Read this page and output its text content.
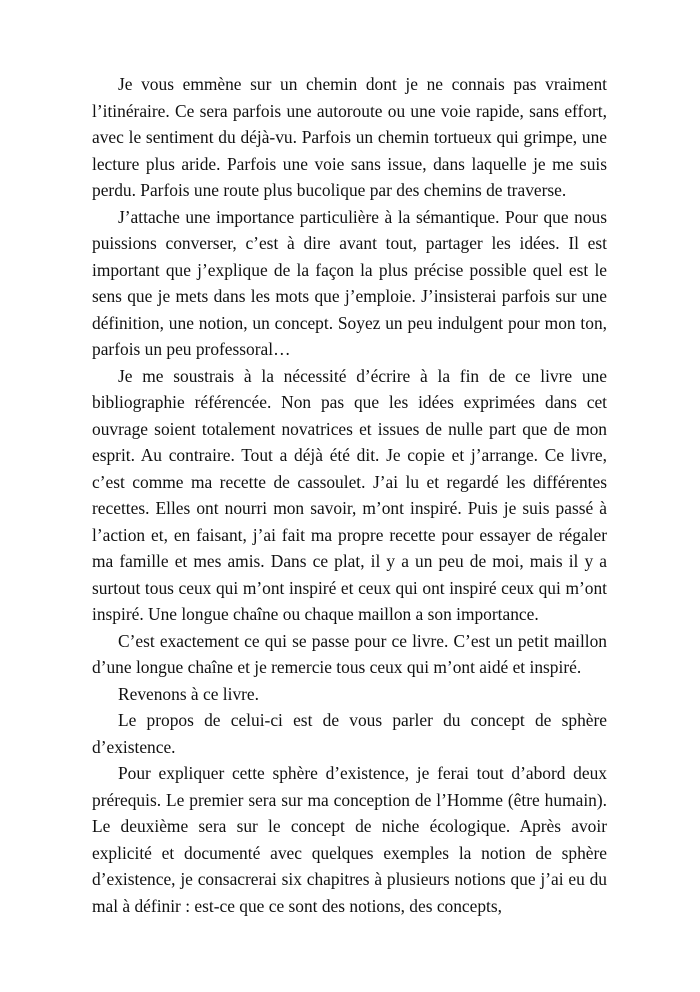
Je vous emmène sur un chemin dont je ne connais pas vraiment l’itinéraire. Ce sera parfois une autoroute ou une voie rapide, sans effort, avec le sentiment du déjà-vu. Parfois un chemin tortueux qui grimpe, une lecture plus aride. Parfois une voie sans issue, dans laquelle je me suis perdu. Parfois une route plus bucolique par des chemins de traverse.

J’attache une importance particulière à la sémantique. Pour que nous puissions converser, c’est à dire avant tout, partager les idées. Il est important que j’explique de la façon la plus précise possible quel est le sens que je mets dans les mots que j’emploie. J’insisterai parfois sur une définition, une notion, un concept. Soyez un peu indulgent pour mon ton, parfois un peu professoral…

Je me soustrais à la nécessité d’écrire à la fin de ce livre une bibliographie référencée. Non pas que les idées exprimées dans cet ouvrage soient totalement novatrices et issues de nulle part que de mon esprit. Au contraire. Tout a déjà été dit. Je copie et j’arrange. Ce livre, c’est comme ma recette de cassoulet. J’ai lu et regardé les différentes recettes. Elles ont nourri mon savoir, m’ont inspiré. Puis je suis passé à l’action et, en faisant, j’ai fait ma propre recette pour essayer de régaler ma famille et mes amis. Dans ce plat, il y a un peu de moi, mais il y a surtout tous ceux qui m’ont inspiré et ceux qui ont inspiré ceux qui m’ont inspiré. Une longue chaîne ou chaque maillon a son importance.

C’est exactement ce qui se passe pour ce livre. C’est un petit maillon d’une longue chaîne et je remercie tous ceux qui m’ont aidé et inspiré.

Revenons à ce livre.

Le propos de celui-ci est de vous parler du concept de sphère d’existence.

Pour expliquer cette sphère d’existence, je ferai tout d’abord deux prérequis. Le premier sera sur ma conception de l’Homme (être humain). Le deuxième sera sur le concept de niche écologique. Après avoir explicité et documenté avec quelques exemples la notion de sphère d’existence, je consacrerai six chapitres à plusieurs notions que j’ai eu du mal à définir : est-ce que ce sont des notions, des concepts,
